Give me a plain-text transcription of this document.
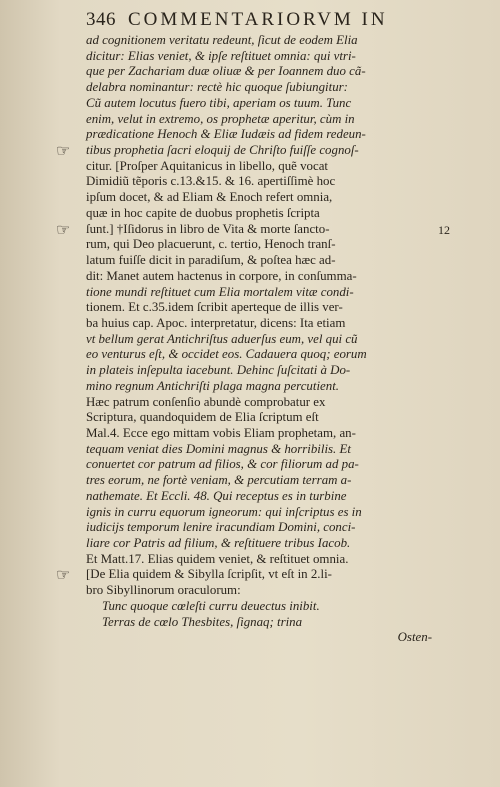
346 COMMENTARIORVM IN
ad cognitionem veritatu redeunt, ſicut de eodem Elia
dicitur: Elias veniet, & ipſe reſtituet omnia: qui vtri-
que per Zachariam duæ oliuæ & per Ioannem duo cã-
delabra nominantur: rectè hic quoque ſubiungitur:
Cũ autem locutus fuero tibi, aperiam os tuum. Tunc
enim, velut in extremo, os prophetæ aperitur, cùm in
prædicatione Henoch & Eliæ Iudæis ad fidem redeun-
tibus prophetia ſacri eloquij de Chriſto fuiſſe cognoſ-
citur. [Proſper Aquitanicus in libello, quẽ vocat
Dimidiũ tẽporis c.13.&15. & 16. apertiſſimè hoc
ipſum docet, & ad Eliam & Enoch refert omnia,
quæ in hoc capite de duobus prophetis ſcripta
ſunt.] †Iſidorus in libro de Vita & morte ſancto-
rum, qui Deo placuerunt, c. tertio, Henoch tranſ-
latum fuiſſe dicit in paradiſum, & poſtea hæc ad-
dit: Manet autem hactenus in corpore, in conſumma-
tione mundi reſtituet cum Elia mortalem vitæ condi-
tionem. Et c.35.idem ſcribit aperteque de illis ver-
ba huius cap. Apoc. interpretatur, dicens: Ita etiam
vt bellum gerat Antichriſtus aduerſus eum, vel qui cũ
eo venturus eſt, & occidet eos. Cadauera quoq; eorum
in plateis inſepulta iacebunt. Dehinc ſuſcitati à Do-
mino regnum Antichriſti plaga magna percutient.
Hæc patrum conſenſio abundè comprobatur ex
Scriptura, quandoquidem de Elia ſcriptum eſt
Mal.4. Ecce ego mittam vobis Eliam prophetam, an-
tequam veniat dies Domini magnus & horribilis. Et
conuertet cor patrum ad filios, & cor filiorum ad pa-
tres eorum, ne fortè veniam, & percutiam terram a-
nathemate. Et Eccli. 48. Qui receptus es in turbine
ignis in curru equorum igneorum: qui inſcriptus es in
iudicijs temporum lenire iracundiam Domini, conci-
liare cor Patris ad filium, & reſtituere tribus Iacob.
Et Matt.17. Elias quidem veniet, & reſtituet omnia.
[De Elia quidem & Sibylla ſcripſit, vt eſt in 2.li-
bro Sibyllinorum oraculorum:
Tunc quoque cœleſti curru deuectus inibit.
Terras de cœlo Thesbites, ſignaq; trina
Osten-
☞
☞
☞
12
